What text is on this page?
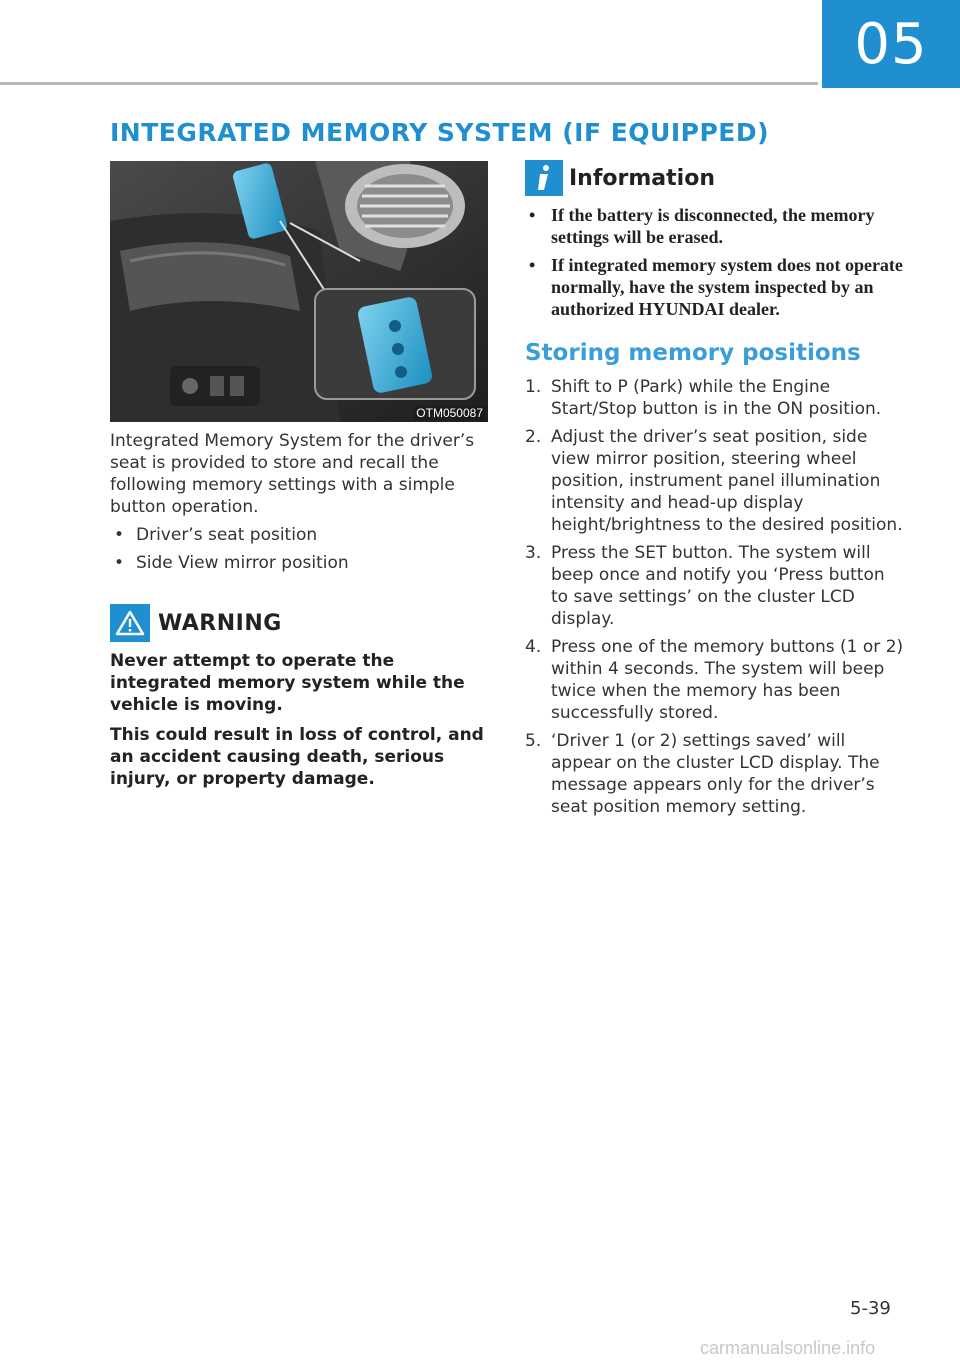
05
INTEGRATED MEMORY SYSTEM (IF EQUIPPED)
OTM050087

Integrated Memory System for the driver’s seat is provided to store and recall the following memory settings with a simple button operation.

• Driver’s seat position
• Side View mirror position
WARNING

Never attempt to operate the integrated memory system while the vehicle is moving.

This could result in loss of control, and an accident causing death, serious injury, or property damage.

Information
• If the battery is disconnected, the memory settings will be erased.
• If integrated memory system does not operate normally, have the system inspected by an authorized HYUNDAI dealer.
Storing memory positions
1. Shift to P (Park) while the Engine Start/Stop button is in the ON position.
2. Adjust the driver’s seat position, side view mirror position, steering wheel position, instrument panel illumination intensity and head-up display height/brightness to the desired position.
3. Press the SET button. The system will beep once and notify you ‘Press button to save settings’ on the cluster LCD display.
4. Press one of the memory buttons (1 or 2) within 4 seconds. The system will beep twice when the memory has been successfully stored.
5. ‘Driver 1 (or 2) settings saved’ will appear on the cluster LCD display. The message appears only for the driver’s seat position memory setting.
5-39
carmanualsonline.info
